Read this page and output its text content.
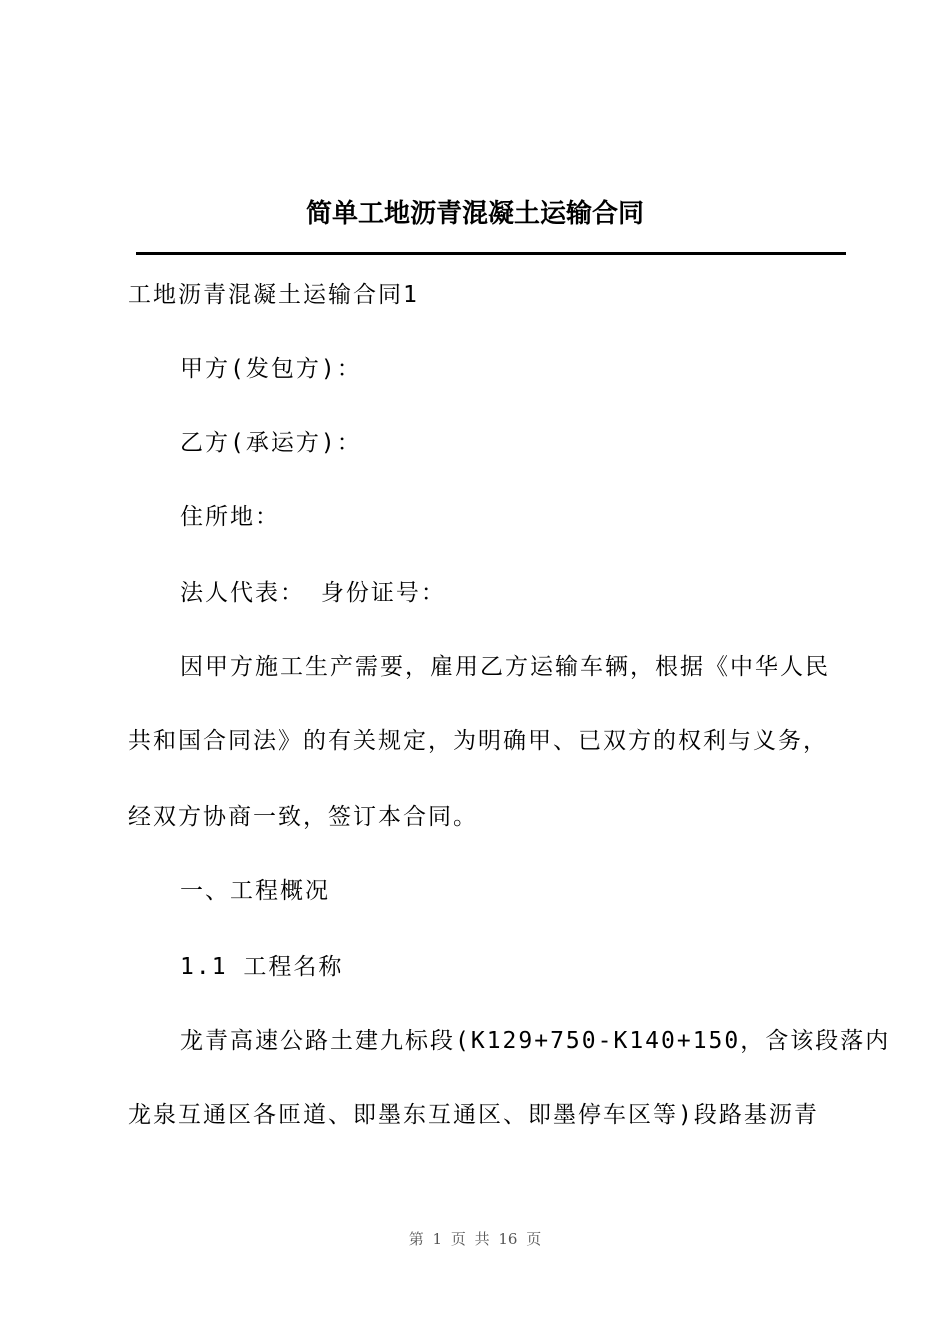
简单工地沥青混凝土运输合同
工地沥青混凝土运输合同1
甲方(发包方)：
乙方(承运方)：
住所地：
法人代表： 身份证号：
因甲方施工生产需要，雇用乙方运输车辆，根据《中华人民
共和国合同法》的有关规定，为明确甲、已双方的权利与义务，
经双方协商一致，签订本合同。
一、工程概况
1.1 工程名称
龙青高速公路土建九标段(K129+750-K140+150，含该段落内
龙泉互通区各匝道、即墨东互通区、即墨停车区等)段路基沥青
第 1 页 共 16 页
